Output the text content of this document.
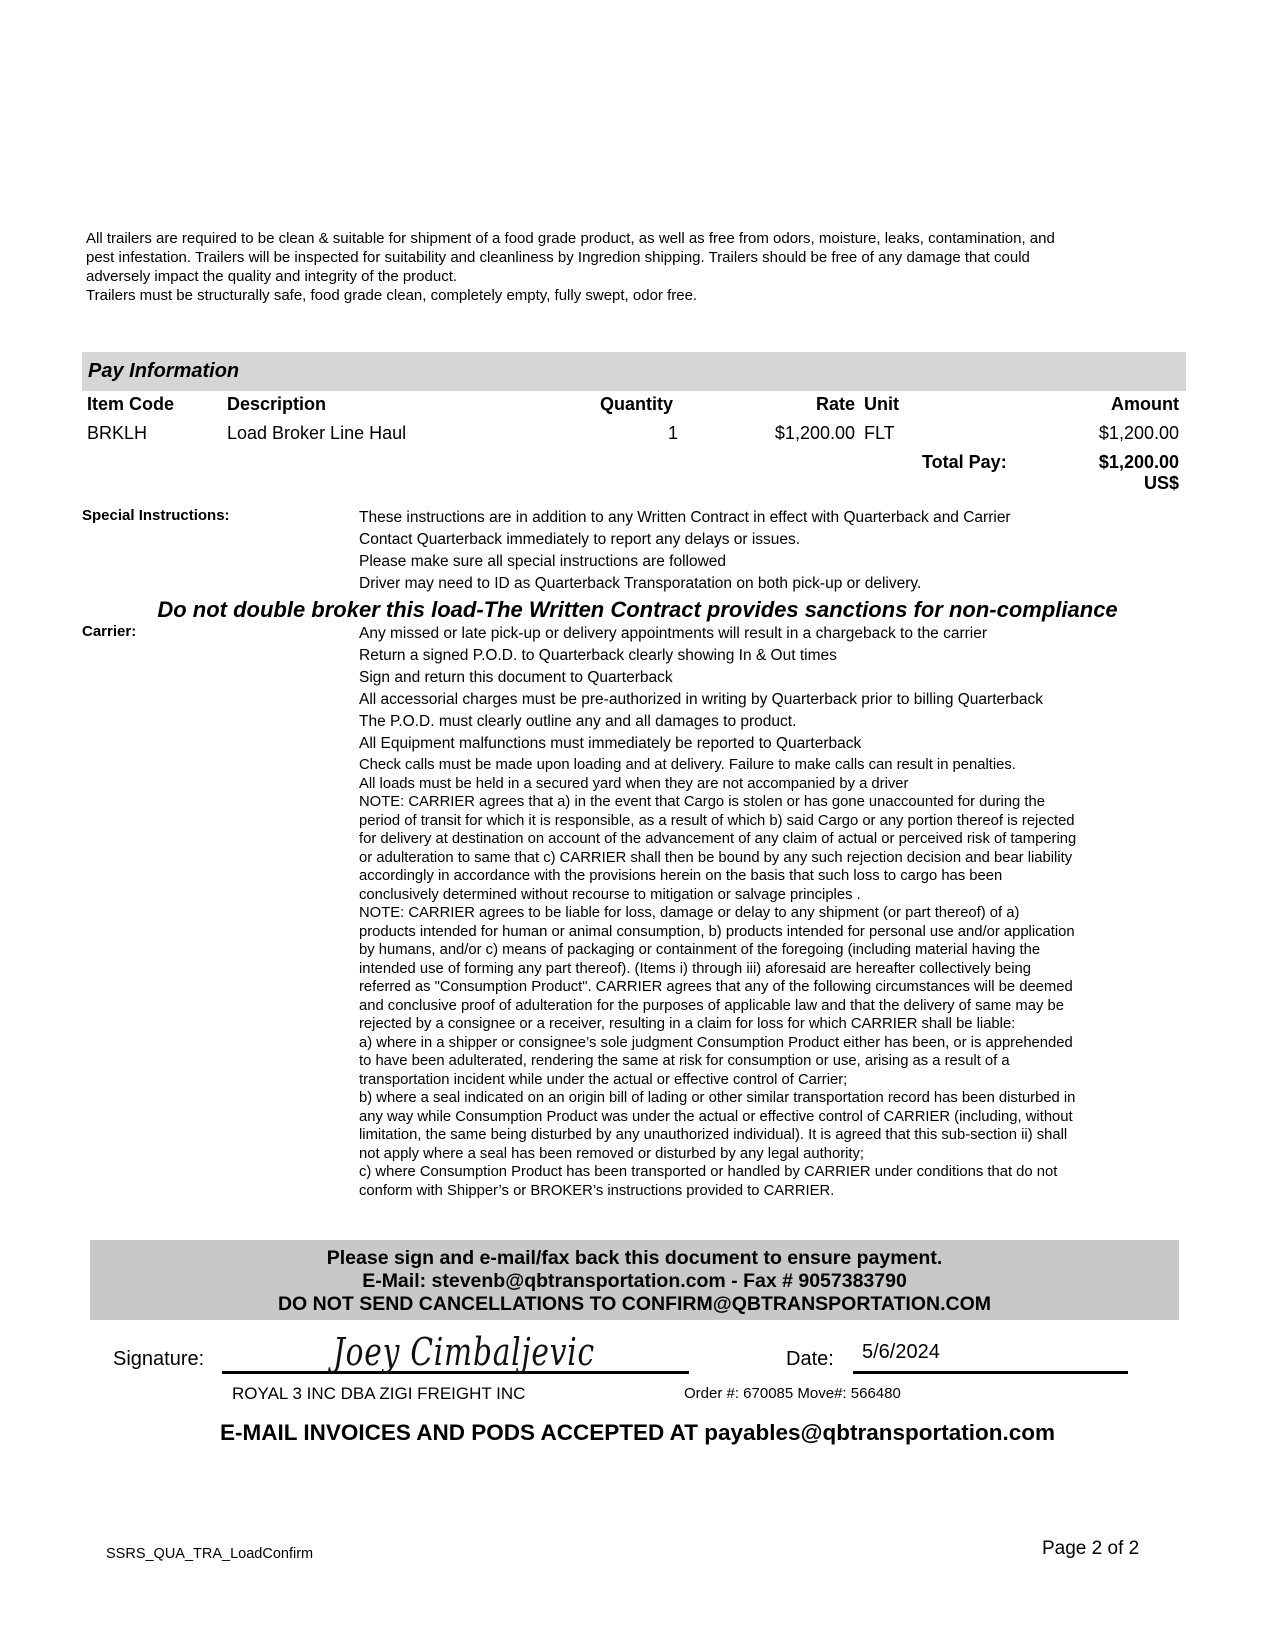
All trailers are required to be clean & suitable for shipment of a food grade product, as well as free from odors, moisture, leaks, contamination, and
pest infestation. Trailers will be inspected for suitability and cleanliness by Ingredion shipping. Trailers should be free of any damage that could
adversely impact the quality and integrity of the product.
Trailers must be structurally safe, food grade clean, completely empty, fully swept, odor free.
Pay Information
Item Code	Description	Quantity	Rate Unit	Amount
BRKLH	Load Broker Line Haul	1	$1,200.00 FLT	$1,200.00
Total Pay:	$1,200.00
US$
Special Instructions:	These instructions are in addition to any Written Contract in effect with Quarterback and Carrier
Contact Quarterback immediately to report any delays or issues.
Please make sure all special instructions are followed
Driver may need to ID as Quarterback Transporatation on both pick-up or delivery.
Do not double broker this load-The Written Contract provides sanctions for non-compliance
Carrier:	Any missed or late pick-up or delivery appointments will result in a chargeback to the carrier
Return a signed P.O.D. to Quarterback clearly showing In & Out times
Sign and return this document to Quarterback
All accessorial charges must be pre-authorized in writing by Quarterback prior to billing Quarterback
The P.O.D. must clearly outline any and all damages to product.
All Equipment malfunctions must immediately be reported to Quarterback
Check calls must be made upon loading and at delivery. Failure to make calls can result in penalties.
All loads must be held in a secured yard when they are not accompanied by a driver
NOTE: CARRIER agrees that a) in the event that Cargo is stolen or has gone unaccounted for during the
period of transit for which it is responsible, as a result of which b) said Cargo or any portion thereof is rejected
for delivery at destination on account of the advancement of any claim of actual or perceived risk of tampering
or adulteration to same that c) CARRIER shall then be bound by any such rejection decision and bear liability
accordingly in accordance with the provisions herein on the basis that such loss to cargo has been
conclusively determined without recourse to mitigation or salvage principles .
NOTE: CARRIER agrees to be liable for loss, damage or delay to any shipment (or part thereof) of a)
products intended for human or animal consumption, b) products intended for personal use and/or application
by humans, and/or c) means of packaging or containment of the foregoing (including material having the
intended use of forming any part thereof). (Items i) through iii) aforesaid are hereafter collectively being
referred as "Consumption Product". CARRIER agrees that any of the following circumstances will be deemed
and conclusive proof of adulteration for the purposes of applicable law and that the delivery of same may be
rejected by a consignee or a receiver, resulting in a claim for loss for which CARRIER shall be liable:
a) where in a shipper or consignee’s sole judgment Consumption Product either has been, or is apprehended
to have been adulterated, rendering the same at risk for consumption or use, arising as a result of a
transportation incident while under the actual or effective control of Carrier;
b) where a seal indicated on an origin bill of lading or other similar transportation record has been disturbed in
any way while Consumption Product was under the actual or effective control of CARRIER (including, without
limitation, the same being disturbed by any unauthorized individual). It is agreed that this sub-section ii) shall
not apply where a seal has been removed or disturbed by any legal authority;
c) where Consumption Product has been transported or handled by CARRIER under conditions that do not
conform with Shipper’s or BROKER’s instructions provided to CARRIER.
Please sign and e-mail/fax back this document to ensure payment.
E-Mail: stevenb@qbtransportation.com - Fax # 9057383790
DO NOT SEND CANCELLATIONS TO CONFIRM@QBTRANSPORTATION.COM
Signature:	Joey Cimbaljevic	Date: 5/6/2024
ROYAL 3 INC DBA ZIGI FREIGHT INC	Order #: 670085 Move#: 566480
E-MAIL INVOICES AND PODS ACCEPTED AT payables@qbtransportation.com
SSRS_QUA_TRA_LoadConfirm	Page 2 of 2
